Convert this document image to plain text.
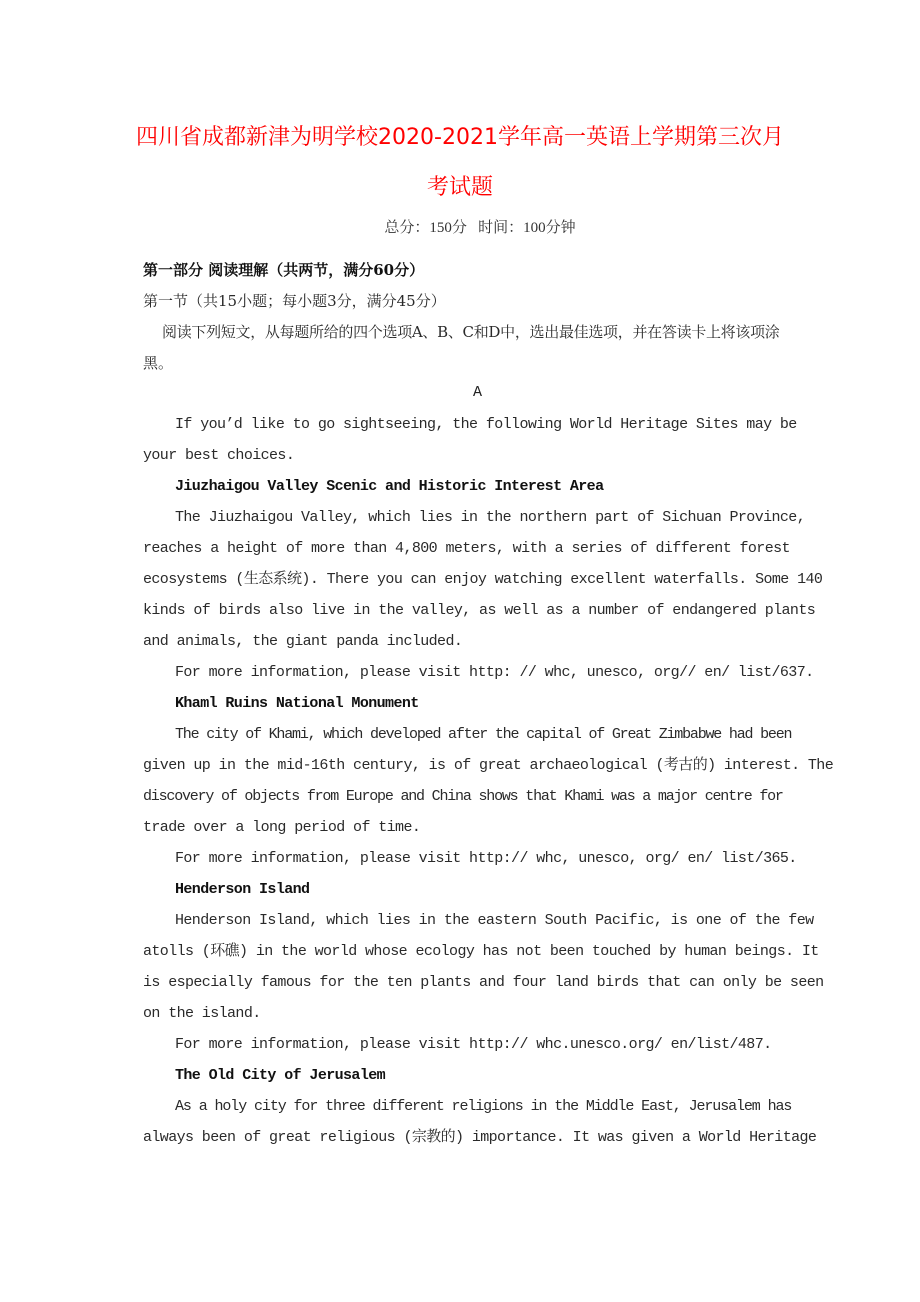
四川省成都新津为明学校2020-2021学年高一英语上学期第三次月
考试题
总分：150分   时间：100分钟
第一部分 阅读理解（共两节，满分60分）
第一节（共15小题；每小题3分，满分45分）
阅读下列短文，从每题所给的四个选项A、B、C和D中，选出最佳选项，并在答读卡上将该项涂
黑。
A
If you’d like to go sightseeing, the following World Heritage Sites may be
your best choices.
Jiuzhaigou Valley Scenic and Historic Interest Area
The Jiuzhaigou Valley, which lies in the northern part of Sichuan Province,
reaches a height of more than 4,800 meters, with a series of different forest
ecosystems (生态系统). There you can enjoy watching excellent waterfalls. Some 140
kinds of birds also live in the valley, as well as a number of endangered plants
and animals, the giant panda included.
For more information, please visit http: // whc, unesco, org// en/ list/637.
Khaml Ruins National Monument
The city of Khami, which developed after the capital of Great Zimbabwe had been
given up in the mid-16th century, is of great archaeological (考古的) interest. The
discovery of objects from Europe and China shows that Khami was a major centre for
trade over a long period of time.
For more information, please visit http:// whc, unesco, org/ en/ list/365.
Henderson Island
Henderson Island, which lies in the eastern South Pacific, is one of the few
atolls (环礁) in the world whose ecology has not been touched by human beings. It
is especially famous for the ten plants and four land birds that can only be seen
on the island.
For more information, please visit http:// whc.unesco.org/ en/list/487.
The Old City of Jerusalem
As a holy city for three different religions in the Middle East, Jerusalem has
always been of great religious (宗教的) importance. It was given a World Heritage
